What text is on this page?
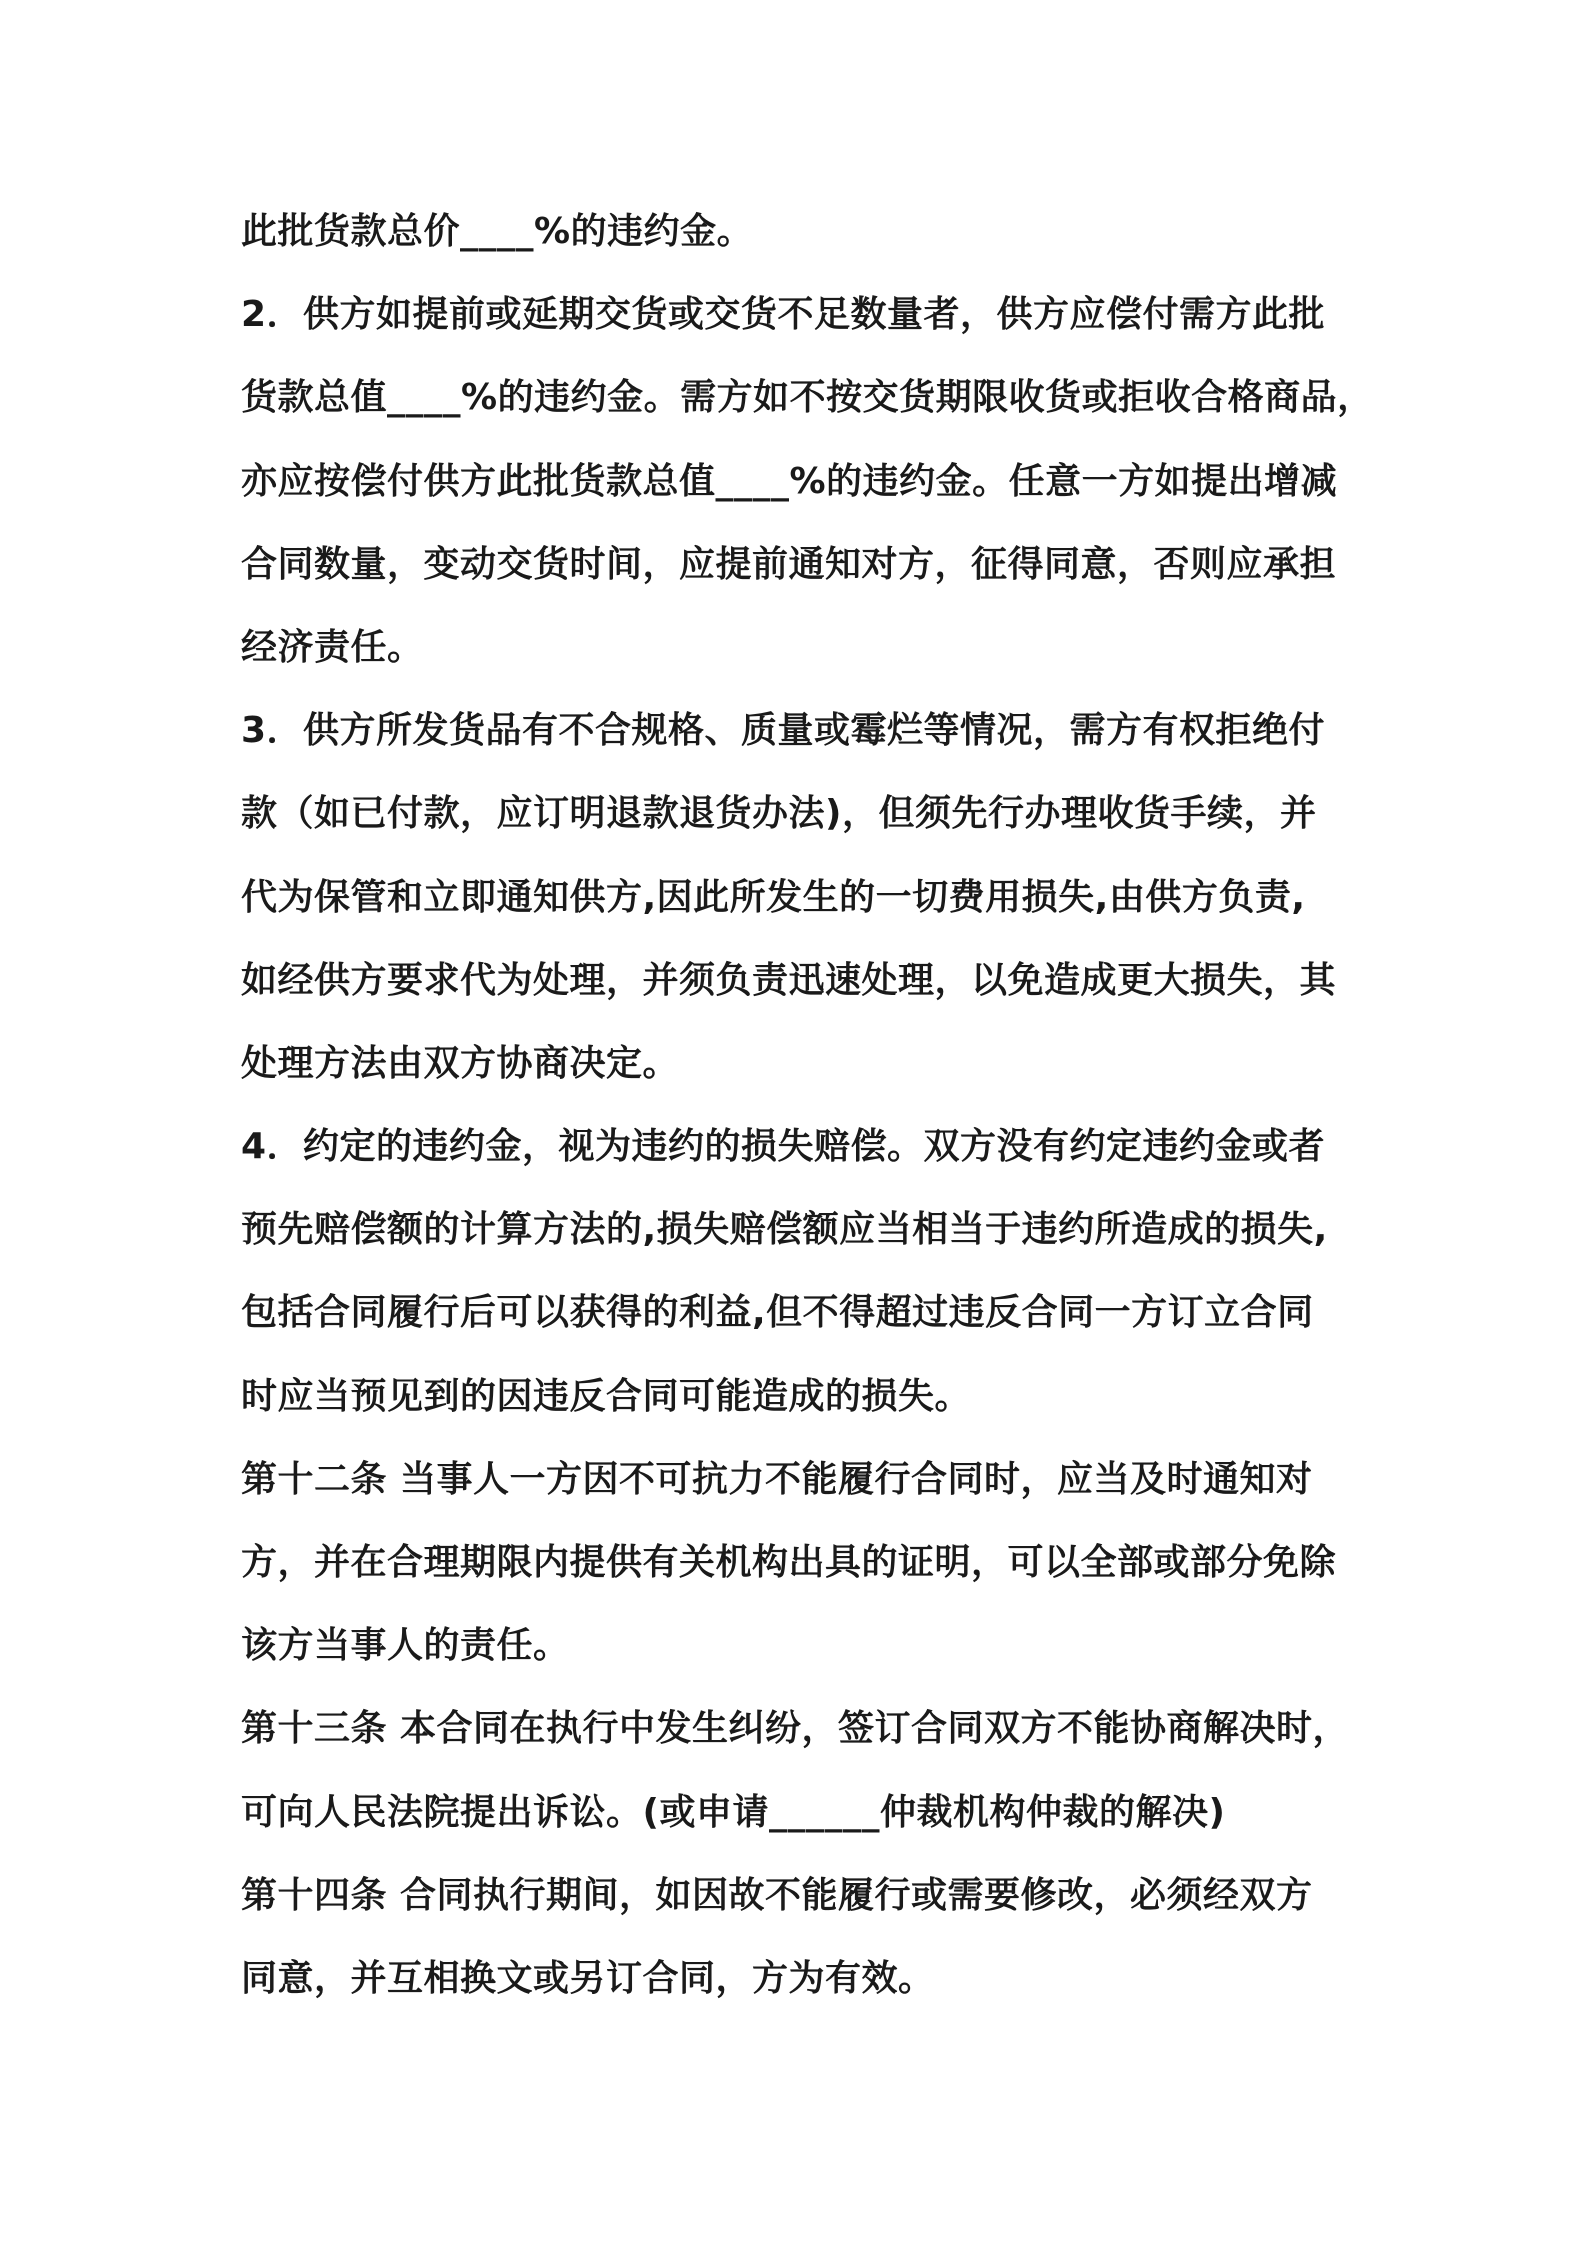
此批货款总价____%的违约金。
2．供方如提前或延期交货或交货不足数量者，供方应偿付需方此批
货款总值____%的违约金。需方如不按交货期限收货或拒收合格商品，
亦应按偿付供方此批货款总值____%的违约金。任意一方如提出增减
合同数量，变动交货时间，应提前通知对方，征得同意，否则应承担
经济责任。
3．供方所发货品有不合规格、质量或霉烂等情况，需方有权拒绝付
款（如已付款，应订明退款退货办法)，但须先行办理收货手续，并
代为保管和立即通知供方,因此所发生的一切费用损失,由供方负责,
如经供方要求代为处理，并须负责迅速处理，以免造成更大损失，其
处理方法由双方协商决定。
4．约定的违约金，视为违约的损失赔偿。双方没有约定违约金或者
预先赔偿额的计算方法的,损失赔偿额应当相当于违约所造成的损失,
包括合同履行后可以获得的利益,但不得超过违反合同一方订立合同
时应当预见到的因违反合同可能造成的损失。
第十二条 当事人一方因不可抗力不能履行合同时，应当及时通知对
方，并在合理期限内提供有关机构出具的证明，可以全部或部分免除
该方当事人的责任。
第十三条 本合同在执行中发生纠纷，签订合同双方不能协商解决时，
可向人民法院提出诉讼。(或申请______仲裁机构仲裁的解决)
第十四条 合同执行期间，如因故不能履行或需要修改，必须经双方
同意，并互相换文或另订合同，方为有效。
